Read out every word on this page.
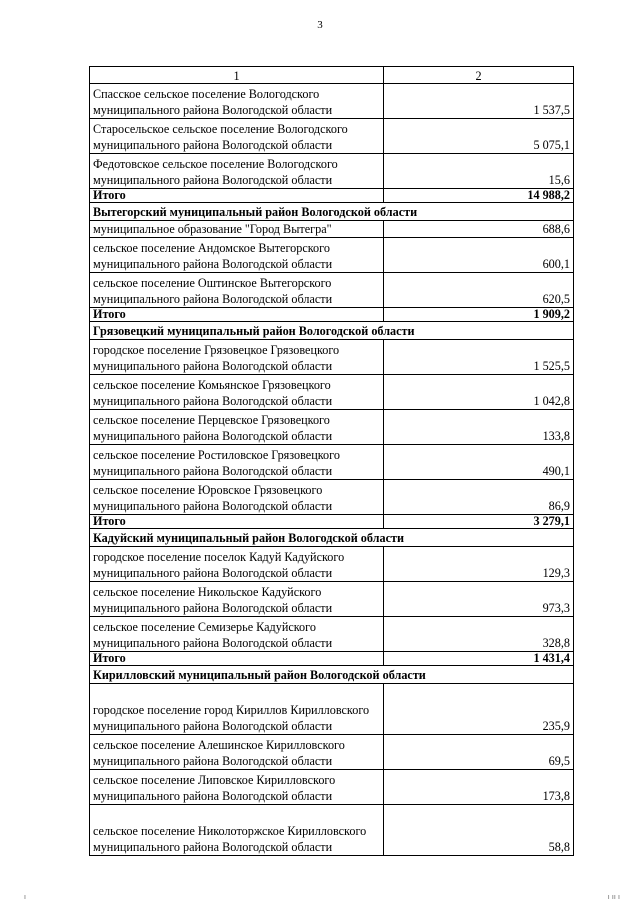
3
1	2
Спасское сельское поселение Вологодского муниципального района Вологодской области	1 537,5
Старосельское сельское поселение Вологодского муниципального района Вологодской области	5 075,1
Федотовское сельское поселение Вологодского муниципального района Вологодской области	15,6
Итого	14 988,2
Вытегорский муниципальный район Вологодской области	
муниципальное образование "Город Вытегра"	688,6
сельское поселение Андомское Вытегорского муниципального района Вологодской области	600,1
сельское поселение Оштинское Вытегорского муниципального района Вологодской области	620,5
Итого	1 909,2
Грязовецкий муниципальный район Вологодской области	
городское поселение Грязовецкое Грязовецкого муниципального района Вологодской области	1 525,5
сельское поселение Комьянское Грязовецкого муниципального района Вологодской области	1 042,8
сельское поселение Перцевское Грязовецкого муниципального района Вологодской области	133,8
сельское поселение Ростиловское Грязовецкого муниципального района Вологодской области	490,1
сельское поселение Юровское Грязовецкого муниципального района Вологодской области	86,9
Итого	3 279,1
Кадуйский муниципальный район Вологодской области	
городское поселение поселок Кадуй Кадуйского муниципального района Вологодской области	129,3
сельское поселение Никольское Кадуйского муниципального района Вологодской области	973,3
сельское поселение Семизерье Кадуйского муниципального района Вологодской области	328,8
Итого	1 431,4
Кирилловский муниципальный район Вологодской области	
городское поселение город Кириллов Кирилловского муниципального района Вологодской области	235,9
сельское поселение Алешинское Кирилловского муниципального района Вологодской области	69,5
сельское поселение Липовское Кирилловского муниципального района Вологодской области	173,8
сельское поселение Николоторжское Кирилловского муниципального района Вологодской области	58,8
ı	ı ıı ı
